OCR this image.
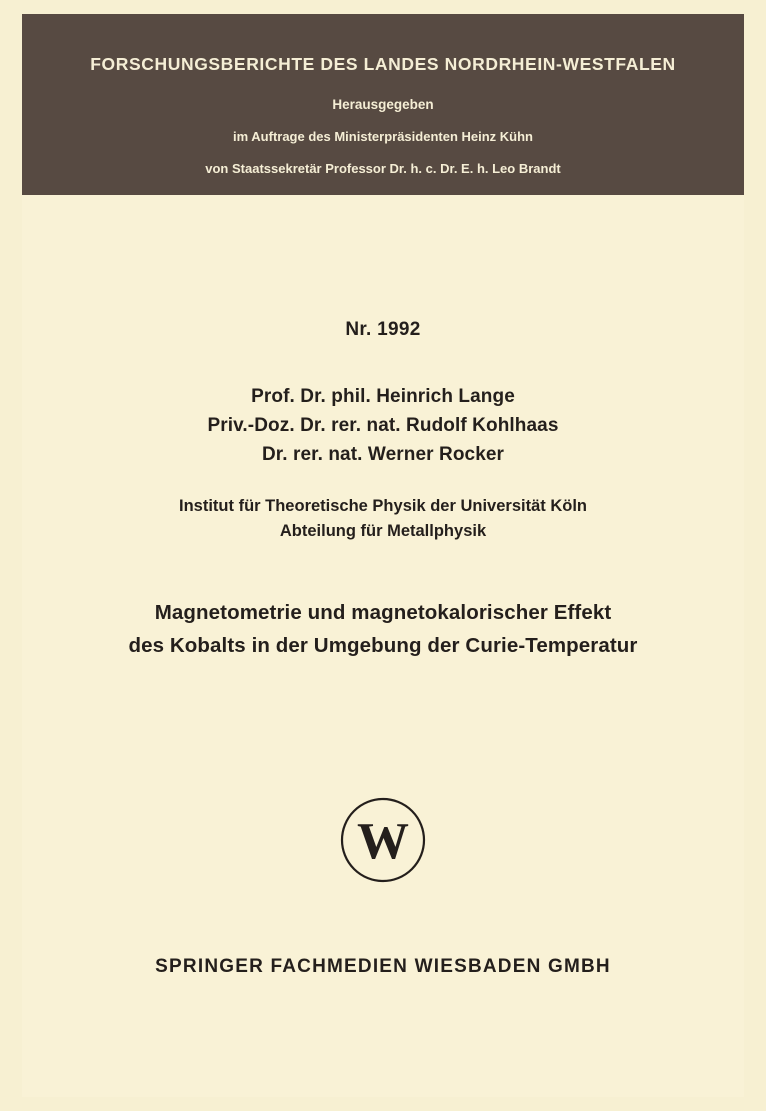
FORSCHUNGSBERICHTE DES LANDES NORDRHEIN-WESTFALEN
Herausgegeben
im Auftrage des Ministerpräsidenten Heinz Kühn
von Staatssekretär Professor Dr. h. c. Dr. E. h. Leo Brandt
Nr. 1992
Prof. Dr. phil. Heinrich Lange
Priv.-Doz. Dr. rer. nat. Rudolf Kohlhaas
Dr. rer. nat. Werner Rocker
Institut für Theoretische Physik der Universität Köln
Abteilung für Metallphysik
Magnetometrie und magnetokalorischer Effekt
des Kobalts in der Umgebung der Curie-Temperatur
W
SPRINGER FACHMEDIEN WIESBADEN GMBH
